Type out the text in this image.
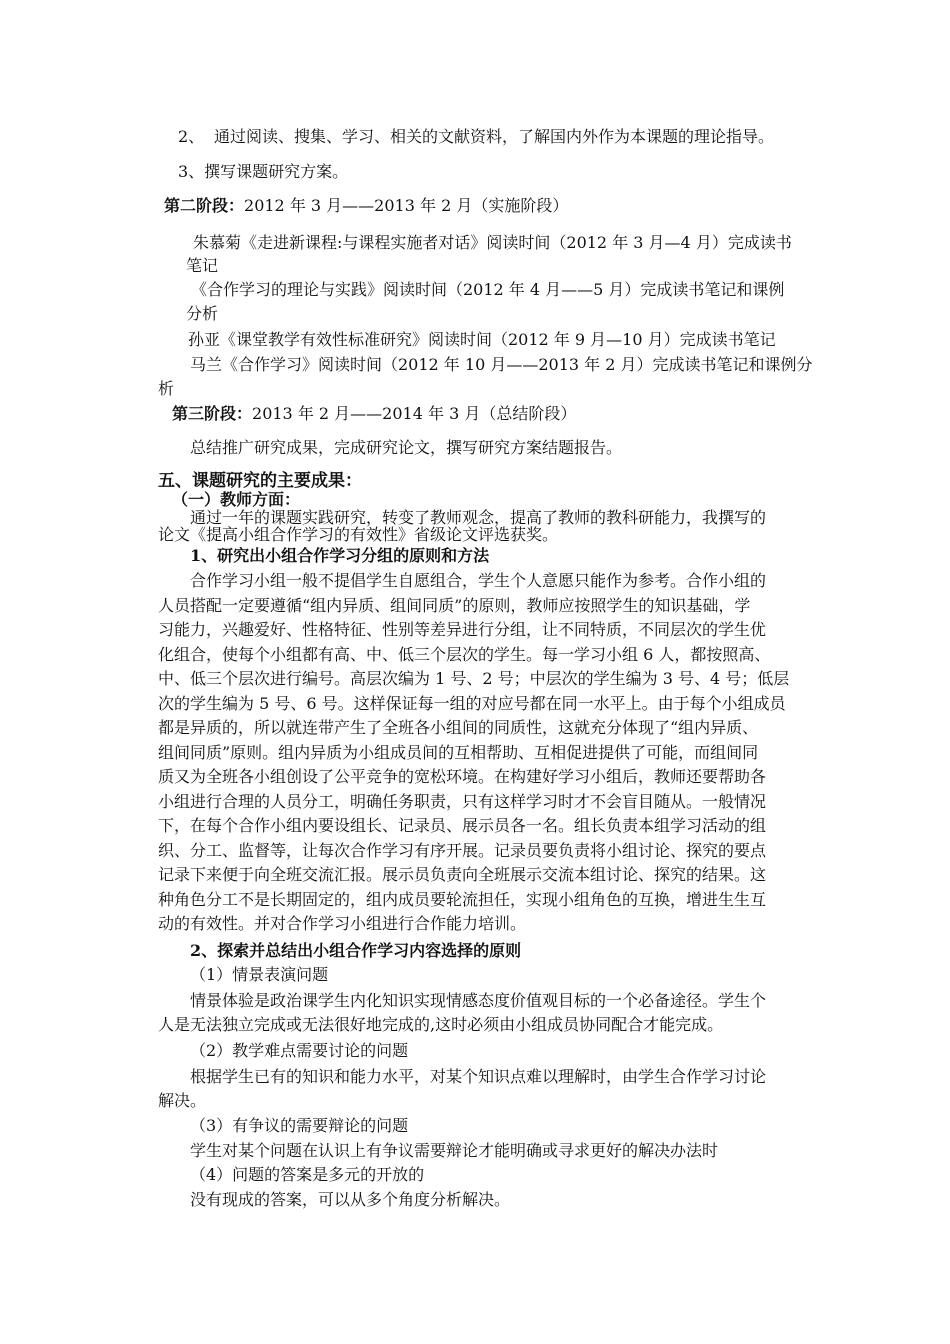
2、 通过阅读、搜集、学习、相关的文献资料，了解国内外作为本课题的理论指导。
3、撰写课题研究方案。
第二阶段：2012 年 3 月——2013 年 2 月（实施阶段）
朱慕菊《走进新课程:与课程实施者对话》阅读时间（2012 年 3 月—4 月）完成读书
笔记
《合作学习的理论与实践》阅读时间（2012 年 4 月——5 月）完成读书笔记和课例
分析
孙亚《课堂教学有效性标准研究》阅读时间（2012 年 9 月—10 月）完成读书笔记
马兰《合作学习》阅读时间（2012 年 10 月——2013 年 2 月）完成读书笔记和课例分
析
第三阶段：2013 年 2 月——2014 年 3 月（总结阶段）
总结推广研究成果，完成研究论文，撰写研究方案结题报告。
五、课题研究的主要成果：
（一）教师方面：
通过一年的课题实践研究，转变了教师观念，提高了教师的教科研能力，我撰写的
论文《提高小组合作学习的有效性》省级论文评选获奖。
1、研究出小组合作学习分组的原则和方法
合作学习小组一般不提倡学生自愿组合，学生个人意愿只能作为参考。合作小组的
人员搭配一定要遵循“组内异质、组间同质”的原则，教师应按照学生的知识基础，学
习能力，兴趣爱好、性格特征、性别等差异进行分组，让不同特质，不同层次的学生优
化组合，使每个小组都有高、中、低三个层次的学生。每一学习小组 6 人，都按照高、
中、低三个层次进行编号。高层次编为 1 号、2 号；中层次的学生编为 3 号、4 号；低层
次的学生编为 5 号、6 号。这样保证每一组的对应号都在同一水平上。由于每个小组成员
都是异质的，所以就连带产生了全班各小组间的同质性，这就充分体现了“组内异质、
组间同质”原则。组内异质为小组成员间的互相帮助、互相促进提供了可能，而组间同
质又为全班各小组创设了公平竞争的宽松环境。在构建好学习小组后，教师还要帮助各
小组进行合理的人员分工，明确任务职责，只有这样学习时才不会盲目随从。一般情况
下，在每个合作小组内要设组长、记录员、展示员各一名。组长负责本组学习活动的组
织、分工、监督等，让每次合作学习有序开展。记录员要负责将小组讨论、探究的要点
记录下来便于向全班交流汇报。展示员负责向全班展示交流本组讨论、探究的结果。这
种角色分工不是长期固定的，组内成员要轮流担任，实现小组角色的互换，增进生生互
动的有效性。并对合作学习小组进行合作能力培训。
2、探索并总结出小组合作学习内容选择的原则
（1）情景表演问题
情景体验是政治课学生内化知识实现情感态度价值观目标的一个必备途径。学生个
人是无法独立完成或无法很好地完成的,这时必须由小组成员协同配合才能完成。
（2）教学难点需要讨论的问题
根据学生已有的知识和能力水平，对某个知识点难以理解时，由学生合作学习讨论
解决。
（3）有争议的需要辩论的问题
学生对某个问题在认识上有争议需要辩论才能明确或寻求更好的解决办法时
（4）问题的答案是多元的开放的
没有现成的答案，可以从多个角度分析解决。
